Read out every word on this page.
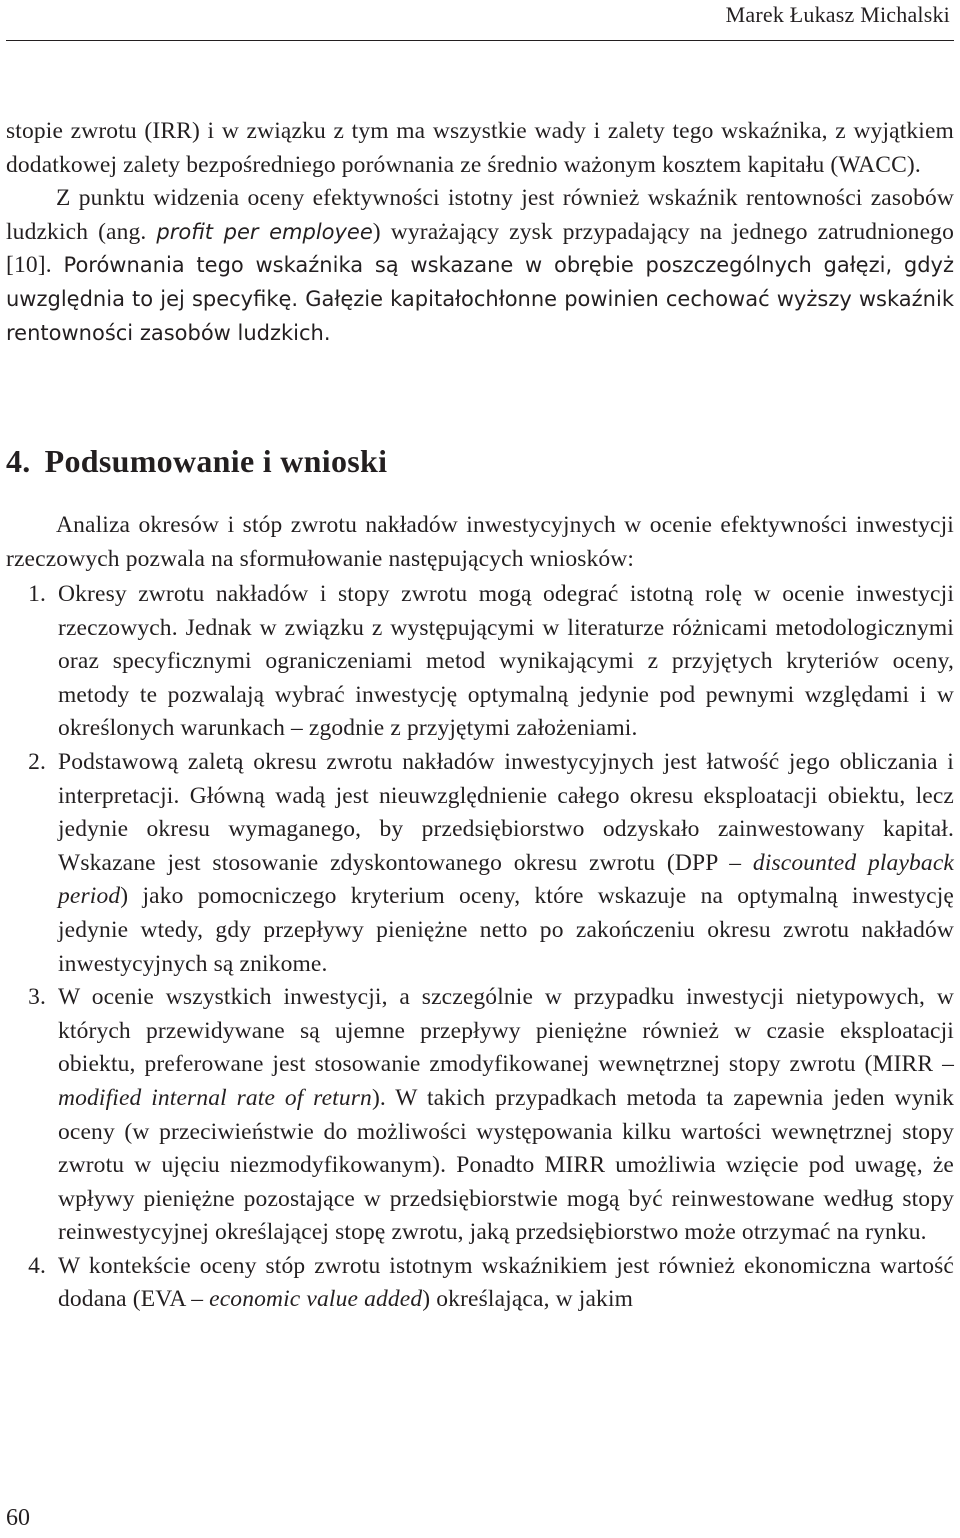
Marek Łukasz Michalski

stopie zwrotu (IRR) i w związku z tym ma wszystkie wady i zalety tego wskaźnika, z wyjątkiem dodatkowej zalety bezpośredniego porównania ze średnio ważonym kosztem kapitału (WACC).
Z punktu widzenia oceny efektywności istotny jest również wskaźnik rentowności zasobów ludzkich (ang. profit per employee) wyrażający zysk przypadający na jednego zatrudnionego [10]. Porównania tego wskaźnika są wskazane w obrębie poszczególnych gałęzi, gdyż uwzględnia to jej specyfikę. Gałęzie kapitałochłonne powinien cechować wyższy wskaźnik rentowności zasobów ludzkich.

4. Podsumowanie i wnioski

Analiza okresów i stóp zwrotu nakładów inwestycyjnych w ocenie efektywności inwestycji rzeczowych pozwala na sformułowanie następujących wniosków:

1. Okresy zwrotu nakładów i stopy zwrotu mogą odegrać istotną rolę w ocenie inwestycji rzeczowych. Jednak w związku z występującymi w literaturze różnicami metodologicznymi oraz specyficznymi ograniczeniami metod wynikającymi z przyjętych kryteriów oceny, metody te pozwalają wybrać inwestycję optymalną jedynie pod pewnymi względami i w określonych warunkach – zgodnie z przyjętymi założeniami.
2. Podstawową zaletą okresu zwrotu nakładów inwestycyjnych jest łatwość jego obliczania i interpretacji. Główną wadą jest nieuwzględnienie całego okresu eksploatacji obiektu, lecz jedynie okresu wymaganego, by przedsiębiorstwo odzyskało zainwestowany kapitał. Wskazane jest stosowanie zdyskontowanego okresu zwrotu (DPP – discounted playback period) jako pomocniczego kryterium oceny, które wskazuje na optymalną inwestycję jedynie wtedy, gdy przepływy pieniężne netto po zakończeniu okresu zwrotu nakładów inwestycyjnych są znikome.
3. W ocenie wszystkich inwestycji, a szczególnie w przypadku inwestycji nietypowych, w których przewidywane są ujemne przepływy pieniężne również w czasie eksploatacji obiektu, preferowane jest stosowanie zmodyfikowanej wewnętrznej stopy zwrotu (MIRR – modified internal rate of return). W takich przypadkach metoda ta zapewnia jeden wynik oceny (w przeciwieństwie do możliwości występowania kilku wartości wewnętrznej stopy zwrotu w ujęciu niezmodyfikowanym). Ponadto MIRR umożliwia wzięcie pod uwagę, że wpływy pieniężne pozostające w przedsiębiorstwie mogą być reinwestowane według stopy reinwestycyjnej określającej stopę zwrotu, jaką przedsiębiorstwo może otrzymać na rynku.
4. W kontekście oceny stóp zwrotu istotnym wskaźnikiem jest również ekonomiczna wartość dodana (EVA – economic value added) określająca, w jakim
60
